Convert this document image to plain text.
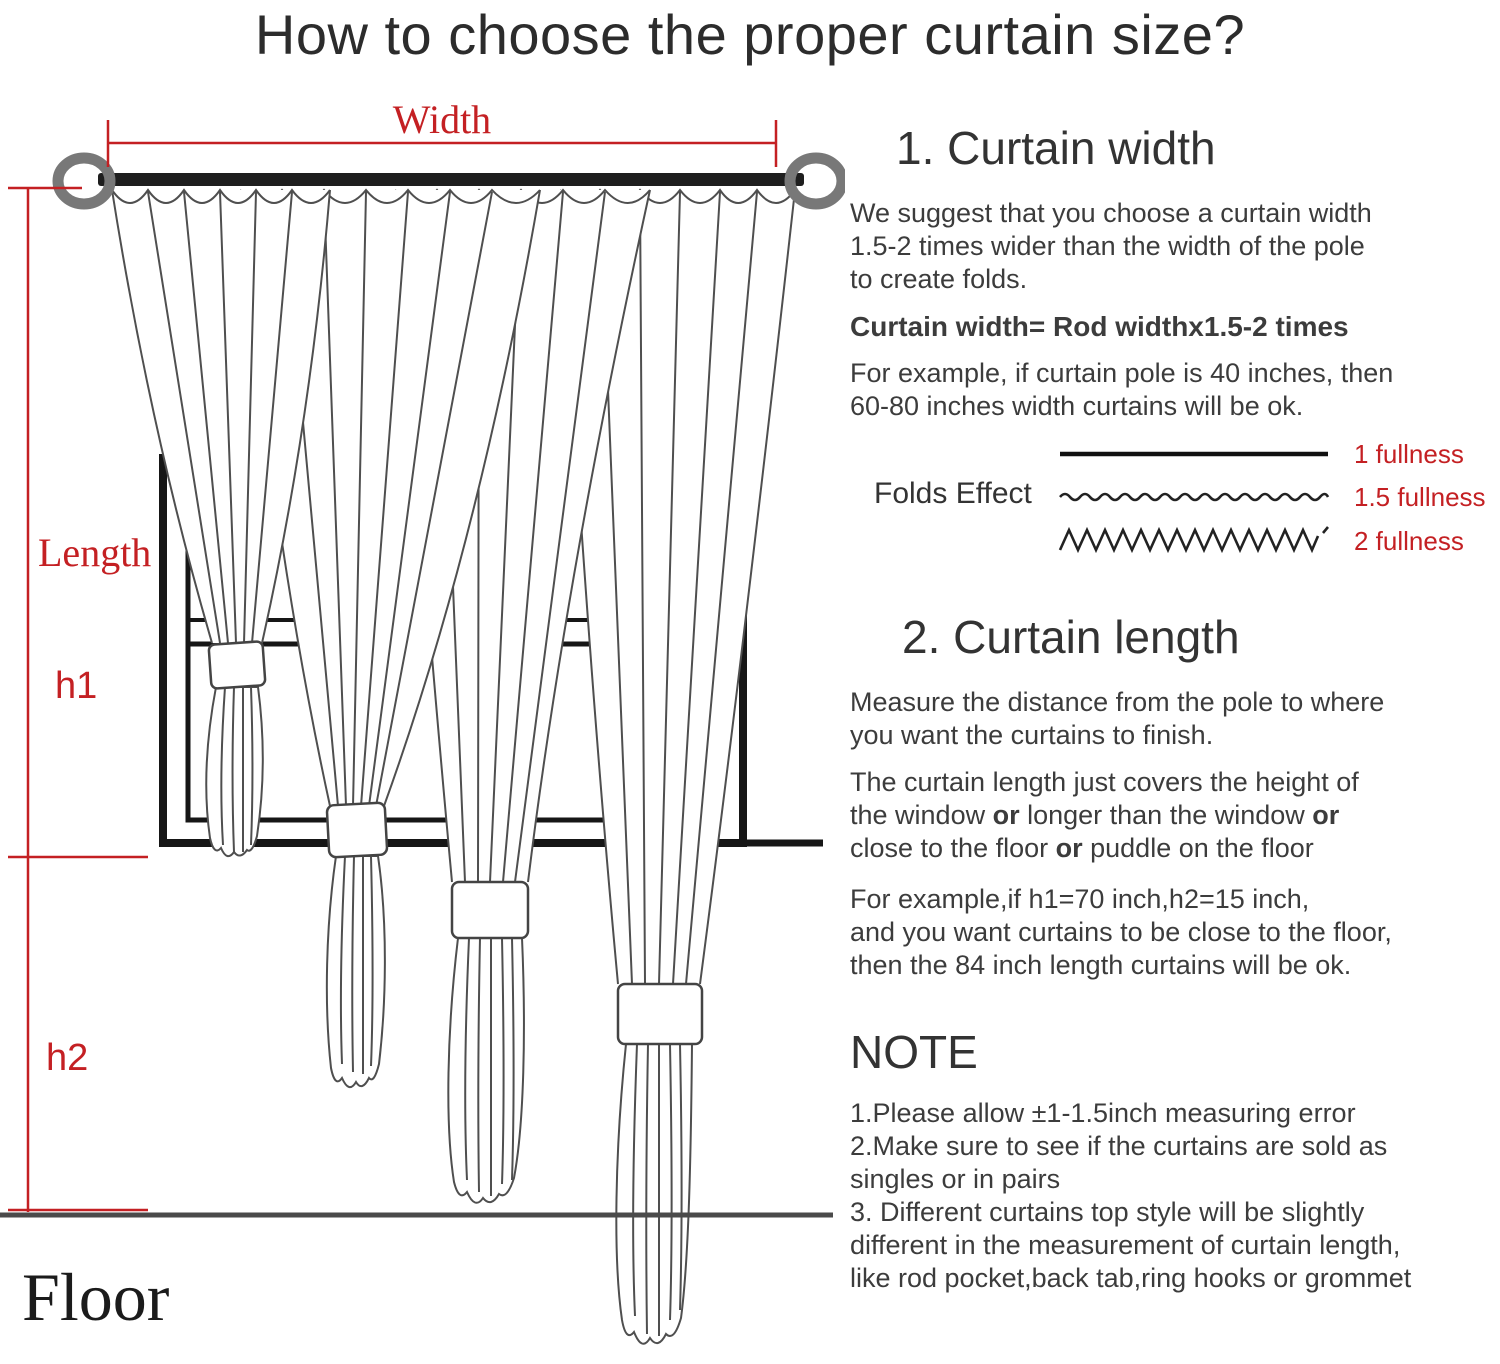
How to choose the proper curtain size?
Width
Length
h1
h2
Floor
1. Curtain width

We suggest that you choose a curtain width
1.5-2 times wider than the width of the pole
to create folds.

Curtain width= Rod widthx1.5-2 times

For example, if curtain pole is 40 inches, then
60-80 inches width curtains will be ok.

Folds Effect
1 fullness
1.5 fullness
2 fullness
2. Curtain length

Measure the distance from the pole to where
you want the curtains to finish.

The curtain length just covers the height of
the window or longer than the window or
close to the floor or puddle on the floor

For example,if h1=70 inch,h2=15 inch,
and you want curtains to be close to the floor,
then the 84 inch length curtains will be ok.

NOTE

1.Please allow ±1-1.5inch measuring error
2.Make sure to see if the curtains are sold as
singles or in pairs
3. Different curtains top style will be slightly
different in the measurement of curtain length,
like rod pocket,back tab,ring hooks or grommet
